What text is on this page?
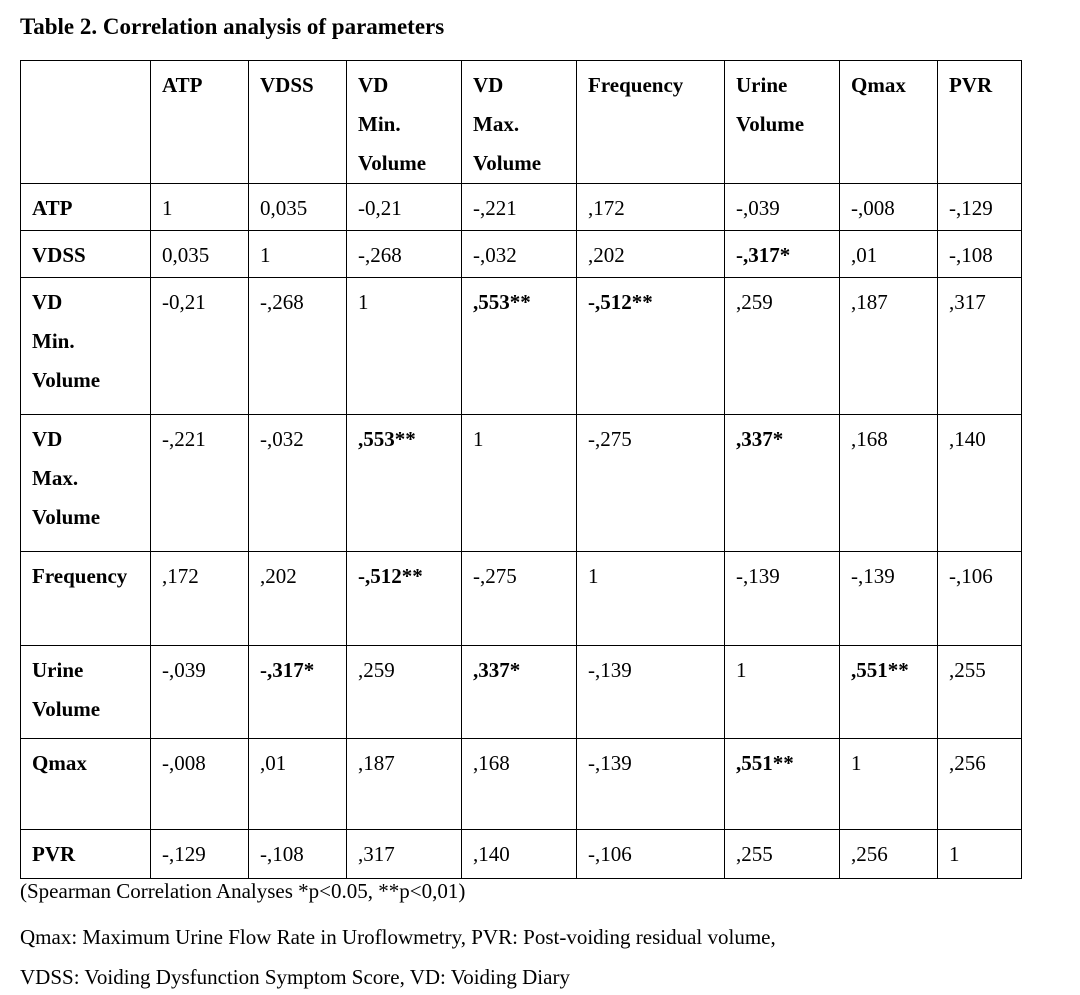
Table 2. Correlation analysis of parameters
	ATP	VDSS	VD
Min.
Volume	VD
Max.
Volume	Frequency	Urine
Volume	Qmax	PVR
ATP	1	0,035	-0,21	-,221	,172	-,039	-,008	-,129
VDSS	0,035	1	-,268	-,032	,202	-,317*	,01	-,108
VD
Min.
Volume	-0,21	-,268	1	,553**	-,512**	,259	,187	,317
VD
Max.
Volume	-,221	-,032	,553**	1	-,275	,337*	,168	,140
Frequency	,172	,202	-,512**	-,275	1	-,139	-,139	-,106
Urine
Volume	-,039	-,317*	,259	,337*	-,139	1	,551**	,255
Qmax	-,008	,01	,187	,168	-,139	,551**	1	,256
PVR	-,129	-,108	,317	,140	-,106	,255	,256	1
(Spearman Correlation Analyses *p<0.05, **p<0,01)
Qmax: Maximum Urine Flow Rate in Uroflowmetry, PVR: Post-voiding residual volume,
VDSS: Voiding Dysfunction Symptom Score, VD: Voiding Diary
